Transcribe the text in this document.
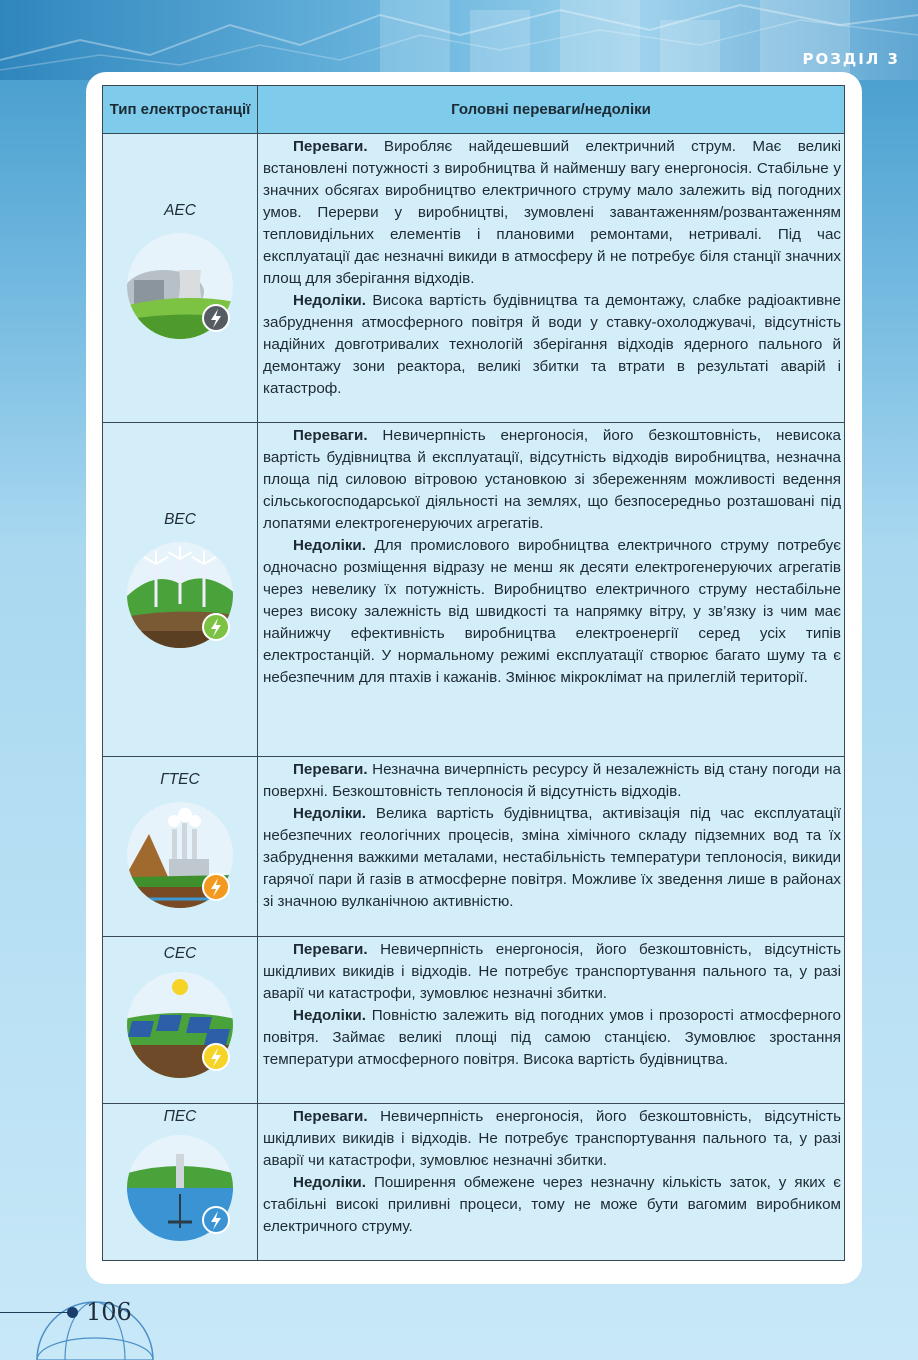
РОЗДІЛ 3
Тип електростанції	Головні переваги/недоліки

АЕС	Переваги. Виробляє найдешевший електричний струм. Має великі встановлені потужності з виробництва й найменшу вагу енергоносія. Стабільне у значних обсягах виробництво електричного струму мало залежить від погодних умов. Перерви у виробництві, зумовлені завантаженням/розвантаженням тепловидільних елементів і плановими ремонтами, нетривалі. Під час експлуатації дає незначні викиди в атмосферу й не потребує біля станції значних площ для зберігання відходів.

Недоліки. Висока вартість будівництва та демонтажу, слабке радіоактивне забруднення атмосферного повітря й води у ставку-охолоджувачі, відсутність надійних довготривалих технологій зберігання відходів ядерного пального й демонтажу зони реактора, великі збитки та втрати в результаті аварій і катастроф.

ВЕС	Переваги. Невичерпність енергоносія, його безкоштовність, невисока вартість будівництва й експлуатації, відсутність відходів виробництва, незначна площа під силовою вітровою установкою зі збереженням можливості ведення сільськогосподарської діяльності на землях, що безпосередньо розташовані під лопатями електрогенеруючих агрегатів.

Недоліки. Для промислового виробництва електричного струму потребує одночасно розміщення відразу не менш як десяти електрогенеруючих агрегатів через невелику їх потужність. Виробництво електричного струму нестабільне через високу залежність від швидкості та напрямку вітру, у зв’язку із чим має найнижчу ефективність виробництва електроенергії серед усіх типів електростанцій. У нормальному режимі експлуатації створює багато шуму та є небезпечним для птахів і кажанів. Змінює мікроклімат на прилеглій території.

ГТЕС	Переваги. Незначна вичерпність ресурсу й незалежність від стану погоди на поверхні. Безкоштовність теплоносія й відсутність відходів.

Недоліки. Велика вартість будівництва, активізація під час експлуатації небезпечних геологічних процесів, зміна хімічного складу підземних вод та їх забруднення важкими металами, нестабільність температури теплоносія, викиди гарячої пари й газів в атмосферне повітря. Можливе їх зведення лише в районах зі значною вулканічною активністю.

СЕС	Переваги. Невичерпність енергоносія, його безкоштовність, відсутність шкідливих викидів і відходів. Не потребує транспортування пального та, у разі аварії чи катастрофи, зумовлює незначні збитки.

Недоліки. Повністю залежить від погодних умов і прозорості атмосферного повітря. Займає великі площі під самою станцією. Зумовлює зростання температури атмосферного повітря. Висока вартість будівництва.

ПЕС	Переваги. Невичерпність енергоносія, його безкоштовність, відсутність шкідливих викидів і відходів. Не потребує транспортування пального та, у разі аварії чи катастрофи, зумовлює незначні збитки.

Недоліки. Поширення обмежене через незначну кількість заток, у яких є стабільні високі приливні процеси, тому не може бути вагомим виробником електричного струму.

106
